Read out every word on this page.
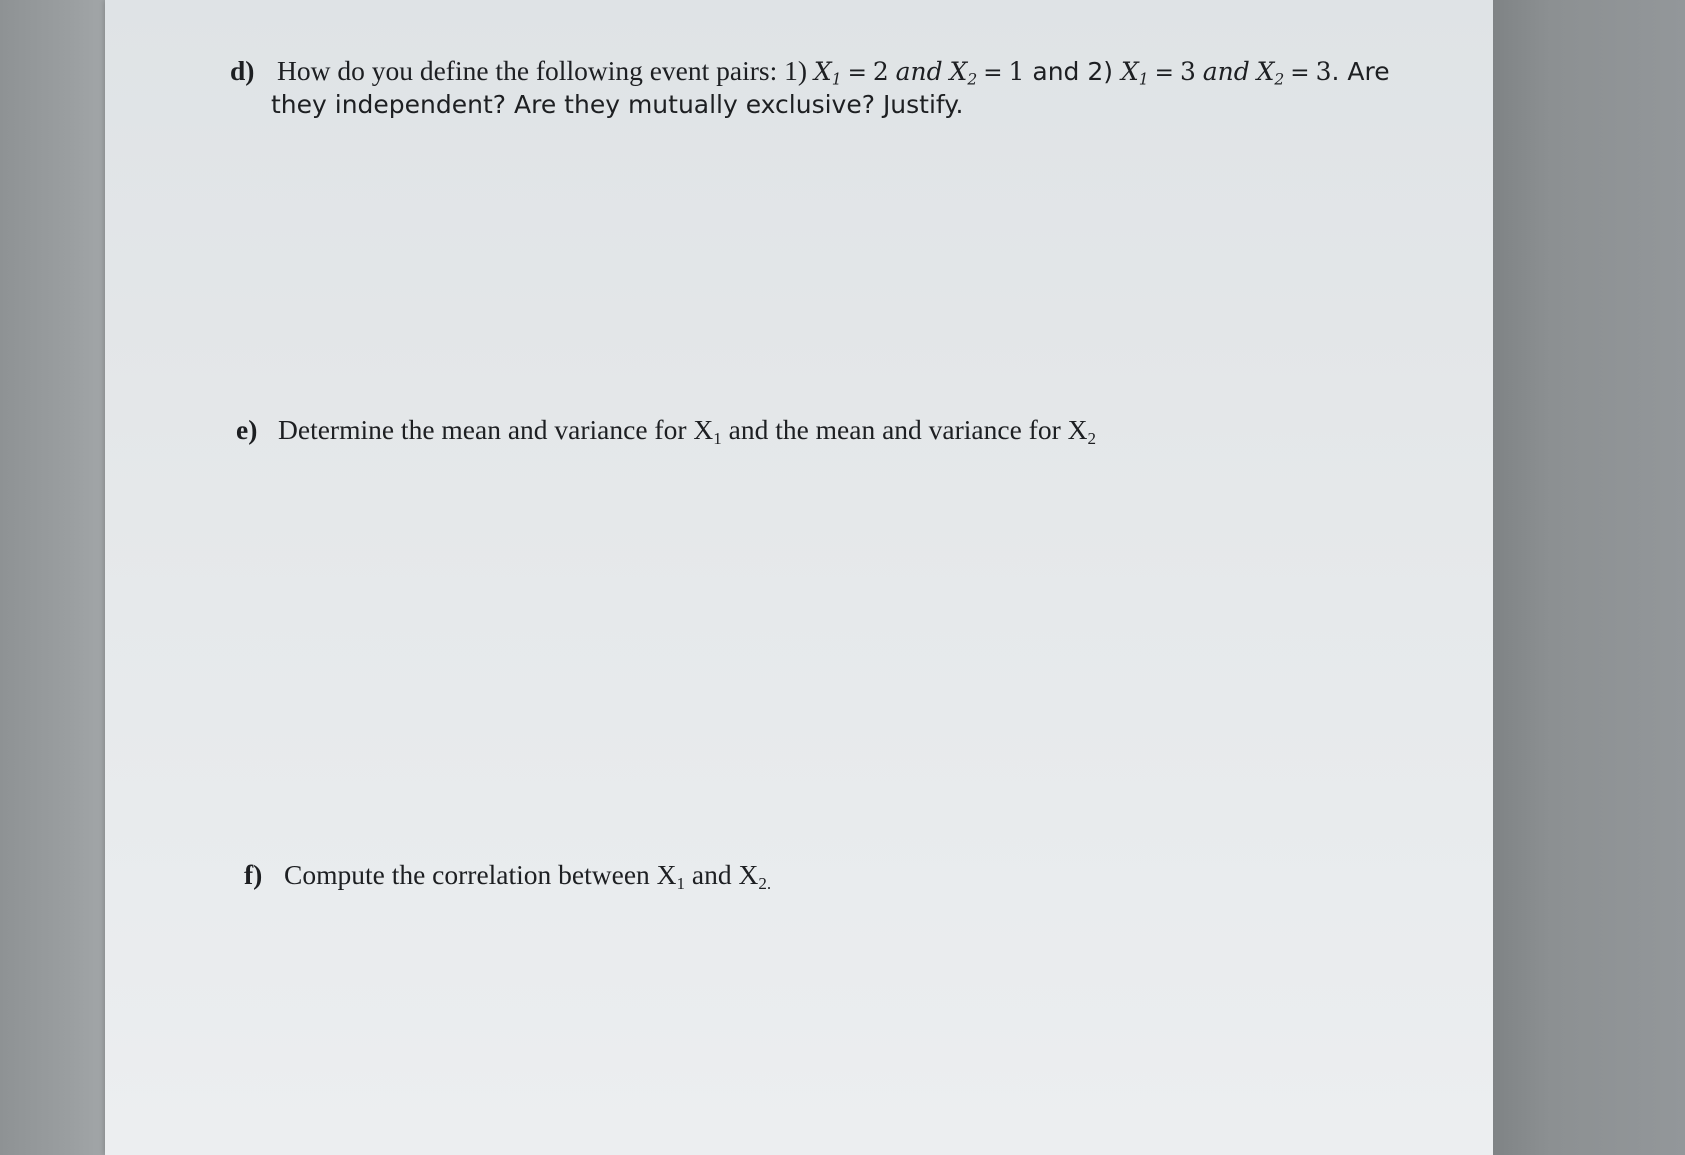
d) How do you define the following event pairs: 1) $X_1 = 2$ and $X_2 = 1$ and 2) $X_1 = 3$ and $X_2 = 3$. Are
they independent? Are they mutually exclusive? Justify.
e) Determine the mean and variance for $X_1$ and the mean and variance for $X_2$
f) Compute the correlation between $X_1$ and $X_{2.}$
